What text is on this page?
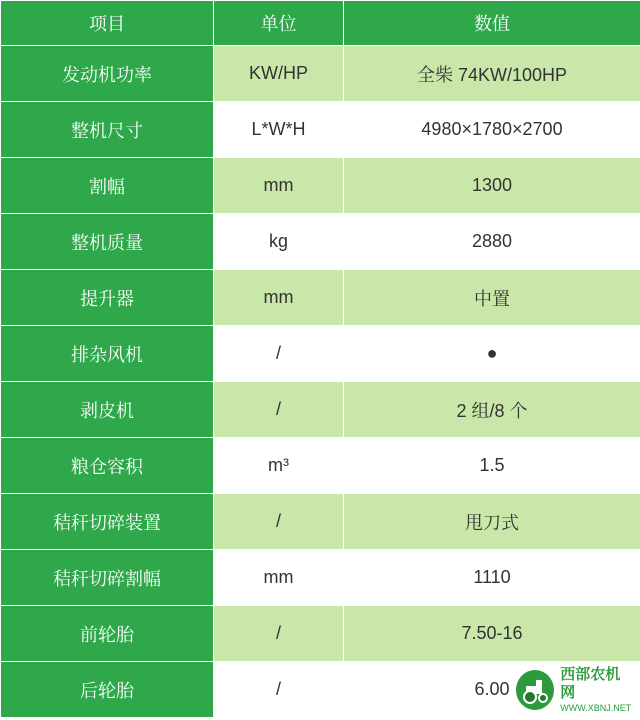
项目	单位	数值
发动机功率	KW/HP	全柴 74KW/100HP
整机尺寸	L*W*H	4980×1780×2700
割幅	mm	1300
整机质量	kg	2880
提升器	mm	中置
排杂风机	/	●
剥皮机	/	2 组/8 个
粮仓容积	m³	1.5
秸秆切碎装置	/	甩刀式
秸秆切碎割幅	mm	1110
前轮胎	/	7.50-16
后轮胎	/	6.00
西部农机网
WWW.XBNJ.NET
